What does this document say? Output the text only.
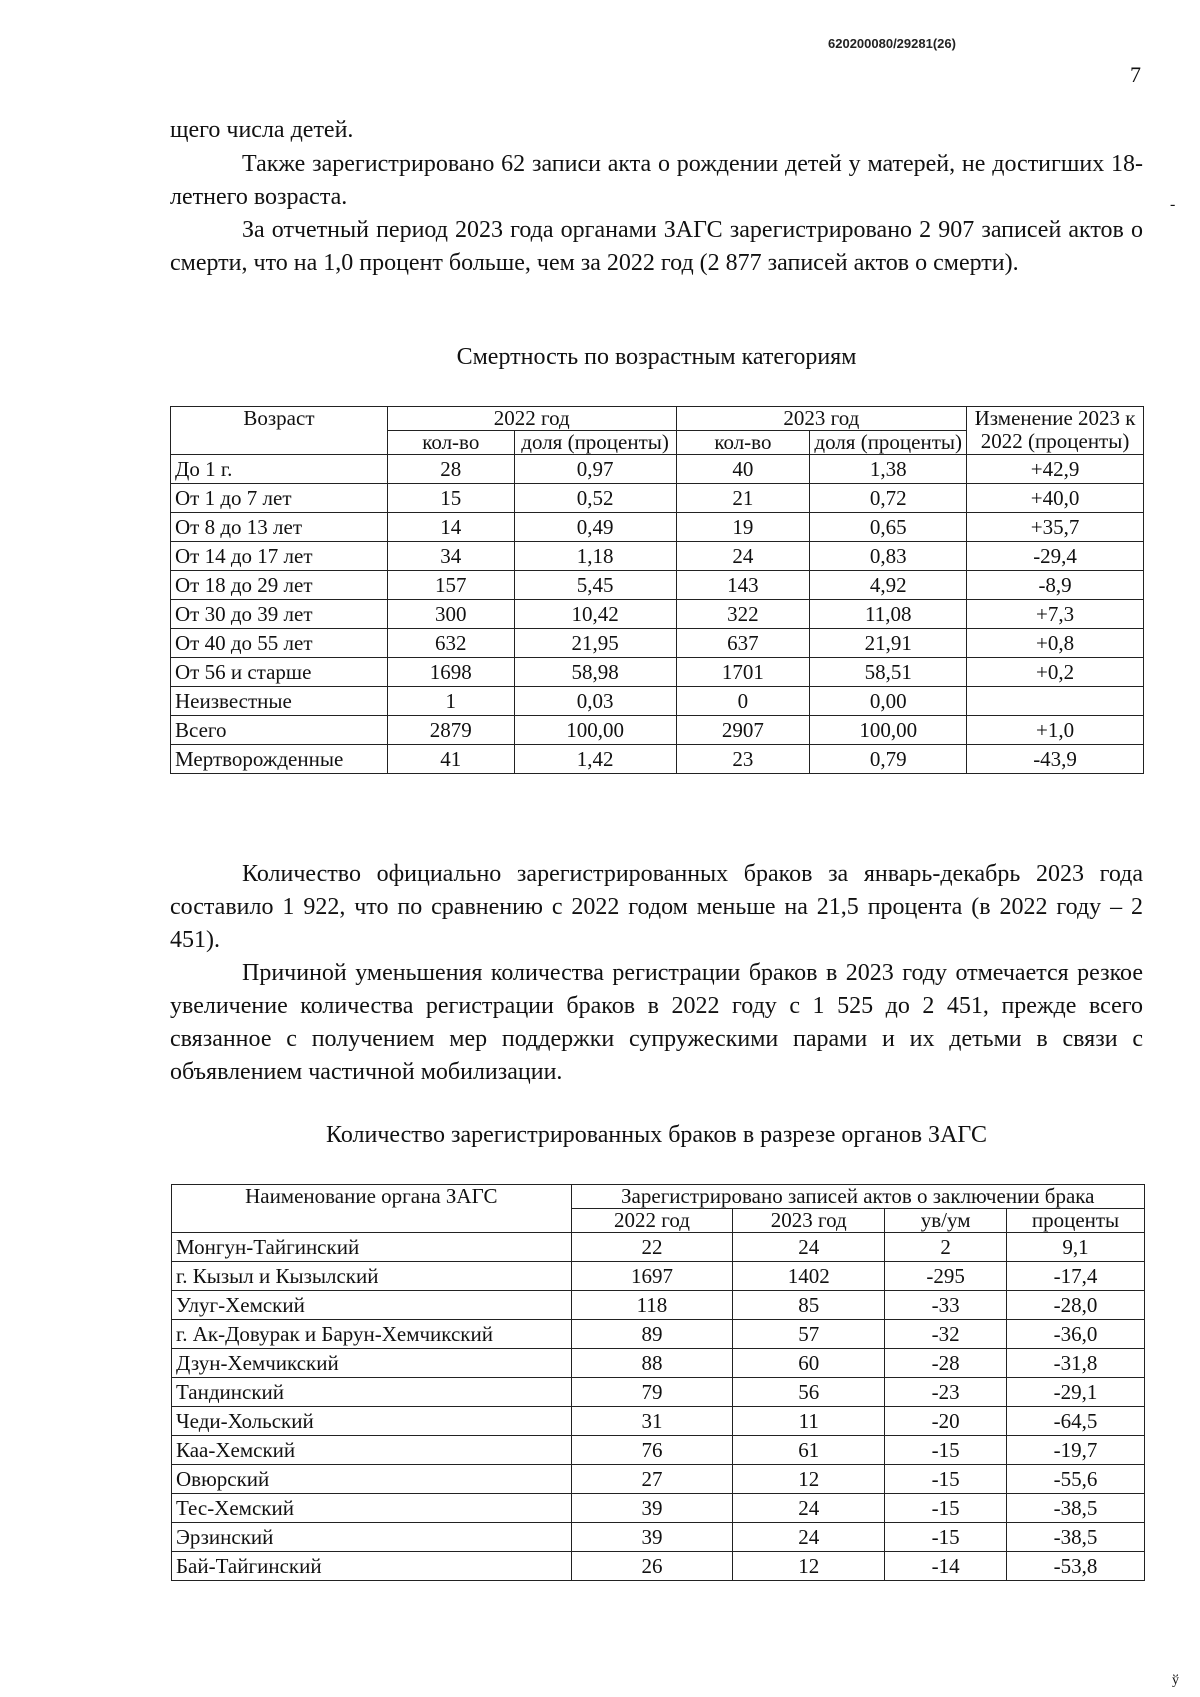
620200080/29281(26)
7
-

щего числа детей.

Также зарегистрировано 62 записи акта о рождении детей у матерей, не достигших 18-летнего возраста.

За отчетный период 2023 года органами ЗАГС зарегистрировано 2 907 записей актов о смерти, что на 1,0 процент больше, чем за 2022 год (2 877 записей актов о смерти).

Смертность по возрастным категориям

Возраст	2022 год		2023 год		Изменение 2023 к 2022 (проценты)
	кол-во	доля (проценты)	кол-во	доля (проценты)	
До 1 г.	28	0,97	40	1,38	+42,9
От 1 до 7 лет	15	0,52	21	0,72	+40,0
От 8 до 13 лет	14	0,49	19	0,65	+35,7
От 14 до 17 лет	34	1,18	24	0,83	-29,4
От 18 до 29 лет	157	5,45	143	4,92	-8,9
От 30 до 39 лет	300	10,42	322	11,08	+7,3
От 40 до 55 лет	632	21,95	637	21,91	+0,8
От 56 и старше	1698	58,98	1701	58,51	+0,2
Неизвестные	1	0,03	0	0,00	
Всего	2879	100,00	2907	100,00	+1,0
Мертворожденные	41	1,42	23	0,79	-43,9

Количество официально зарегистрированных браков за январь-декабрь 2023 года составило 1 922, что по сравнению с 2022 годом меньше на 21,5 процента (в 2022 году – 2 451).

Причиной уменьшения количества регистрации браков в 2023 году отмечается резкое увеличение количества регистрации браков в 2022 году с 1 525 до 2 451, прежде всего связанное с получением мер поддержки супружескими парами и их детьми в связи с объявлением частичной мобилизации.

Количество зарегистрированных браков в разрезе органов ЗАГС

Наименование органа ЗАГС	Зарегистрировано записей актов о заключении брака			
	2022 год	2023 год	ув/ум	проценты
Монгун-Тайгинский	22	24	2	9,1
г. Кызыл и Кызылский	1697	1402	-295	-17,4
Улуг-Хемский	118	85	-33	-28,0
г. Ак-Довурак и Барун-Хемчикский	89	57	-32	-36,0
Дзун-Хемчикский	88	60	-28	-31,8
Тандинский	79	56	-23	-29,1
Чеди-Хольский	31	11	-20	-64,5
Каа-Хемский	76	61	-15	-19,7
Овюрский	27	12	-15	-55,6
Тес-Хемский	39	24	-15	-38,5
Эрзинский	39	24	-15	-38,5
Бай-Тайгинский	26	12	-14	-53,8
ў
